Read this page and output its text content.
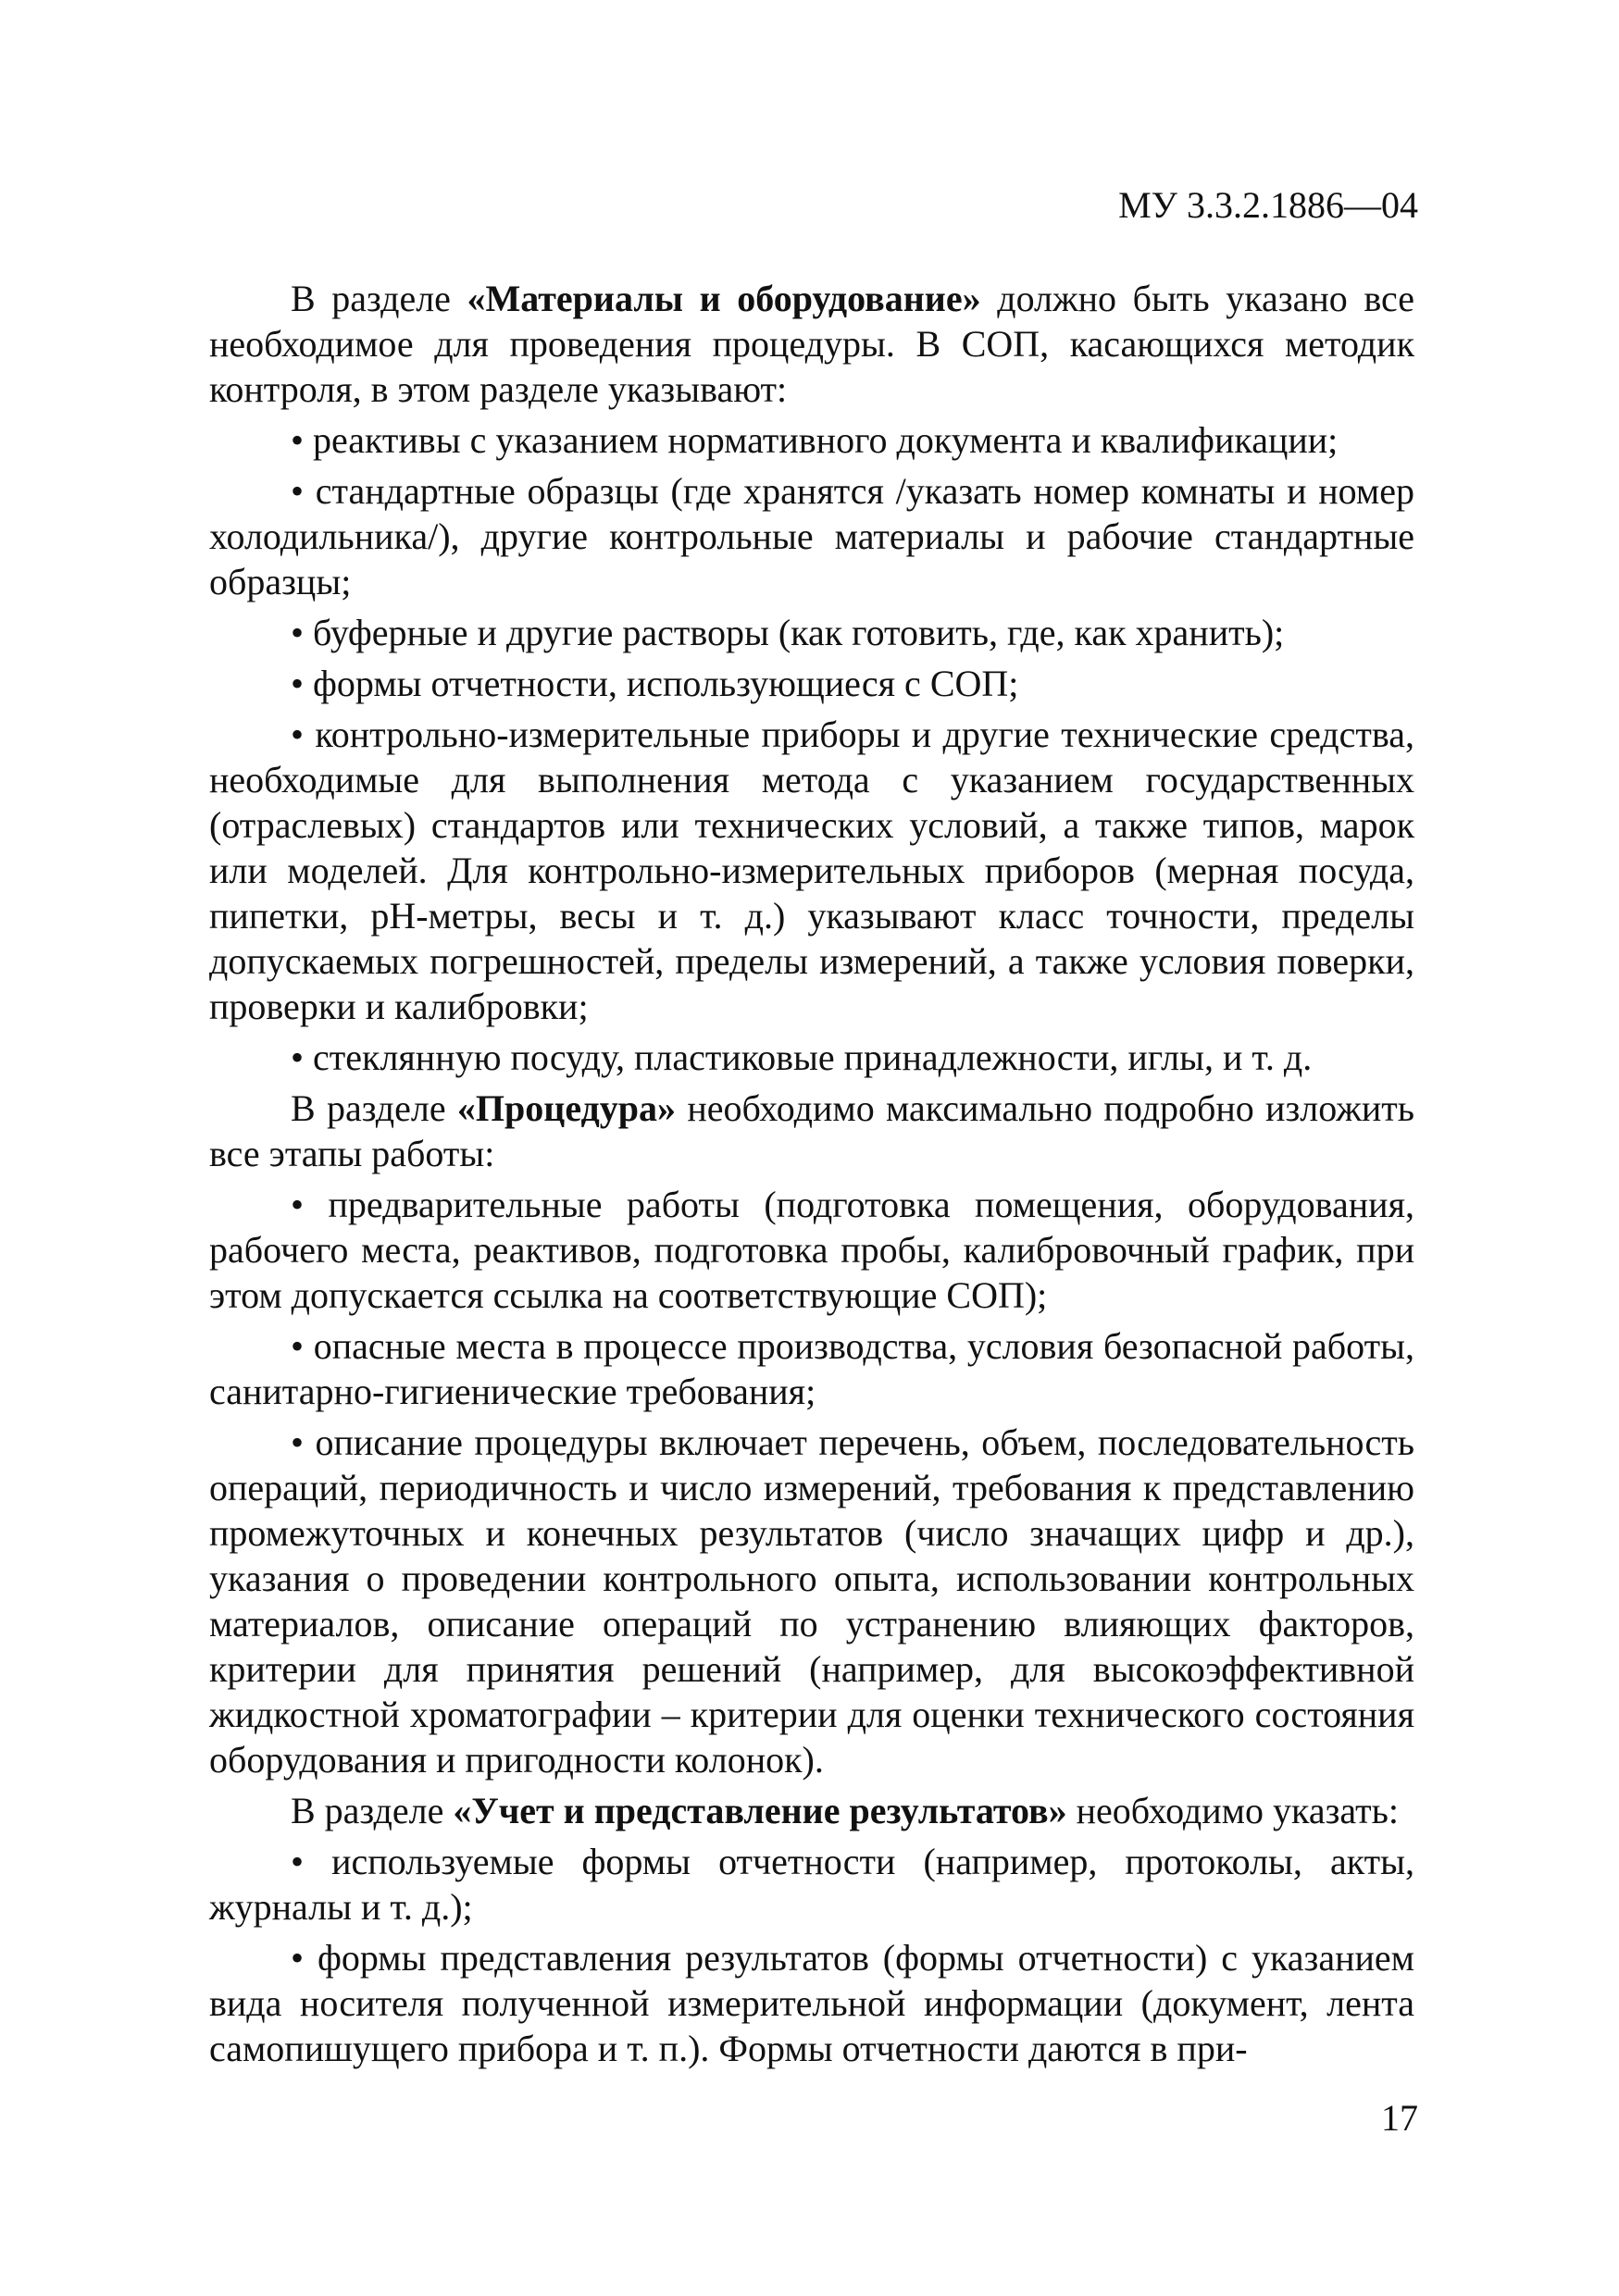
МУ 3.3.2.1886—04

В разделе «Материалы и оборудование» должно быть указано все необходимое для проведения процедуры. В СОП, касающихся методик контроля, в этом разделе указывают:

• реактивы с указанием нормативного документа и квалификации;

• стандартные образцы (где хранятся /указать номер комнаты и номер холодильника/), другие контрольные материалы и рабочие стандартные образцы;

• буферные и другие растворы (как готовить, где, как хранить);

• формы отчетности, использующиеся с СОП;

• контрольно-измерительные приборы и другие технические средства, необходимые для выполнения метода с указанием государственных (отраслевых) стандартов или технических условий, а также типов, марок или моделей. Для контрольно-измерительных приборов (мерная посуда, пипетки, рН-метры, весы и т. д.) указывают класс точности, пределы допускаемых погрешностей, пределы измерений, а также условия поверки, проверки и калибровки;

• стеклянную посуду, пластиковые принадлежности, иглы, и т. д.

В разделе «Процедура» необходимо максимально подробно изложить все этапы работы:

• предварительные работы (подготовка помещения, оборудования, рабочего места, реактивов, подготовка пробы, калибровочный график, при этом допускается ссылка на соответствующие СОП);

• опасные места в процессе производства, условия безопасной работы, санитарно-гигиенические требования;

• описание процедуры включает перечень, объем, последовательность операций, периодичность и число измерений, требования к представлению промежуточных и конечных результатов (число значащих цифр и др.), указания о проведении контрольного опыта, использовании контрольных материалов, описание операций по устранению влияющих факторов, критерии для принятия решений (например, для высокоэффективной жидкостной хроматографии – критерии для оценки технического состояния оборудования и пригодности колонок).

В разделе «Учет и представление результатов» необходимо указать:

• используемые формы отчетности (например, протоколы, акты, журналы и т. д.);

• формы представления результатов (формы отчетности) с указанием вида носителя полученной измерительной информации (документ, лента самопишущего прибора и т. п.). Формы отчетности даются в при-

17
